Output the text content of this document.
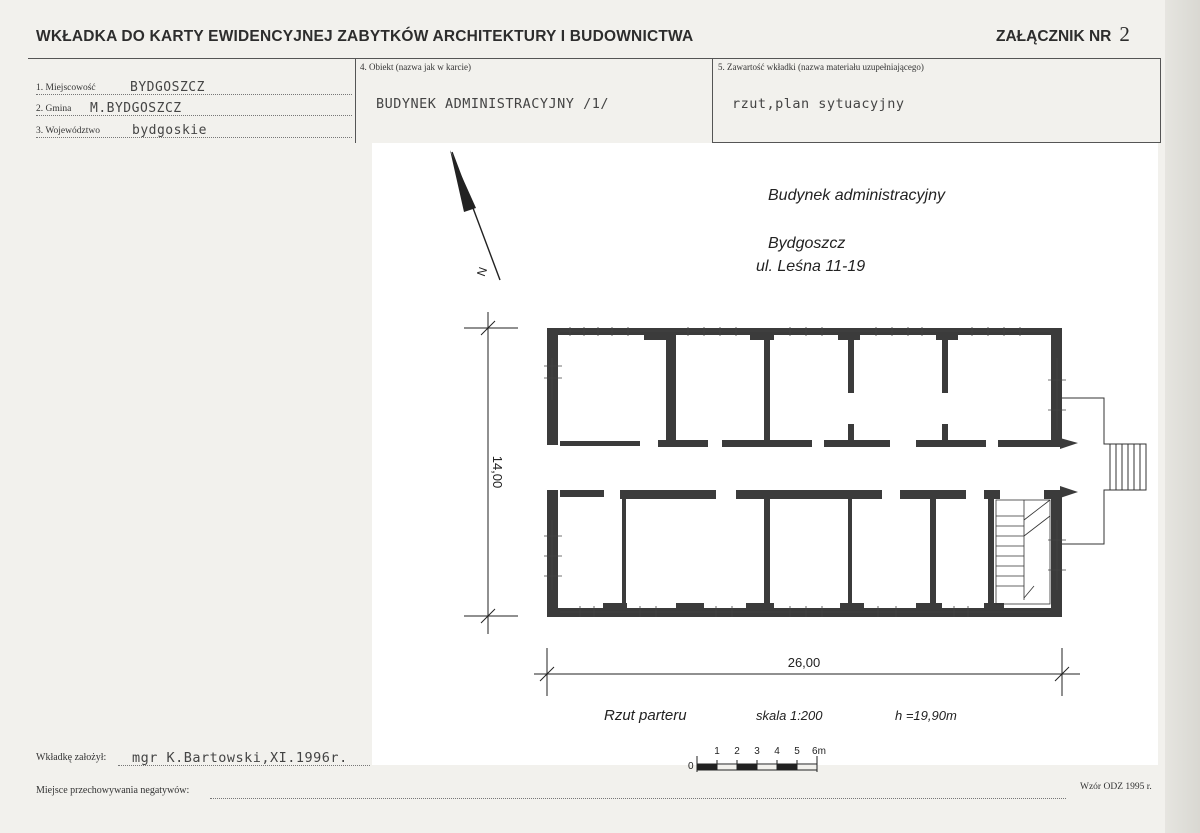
WKŁADKA DO KARTY EWIDENCYJNEJ ZABYTKÓW ARCHITEKTURY I BUDOWNICTWA	ZAŁĄCZNIK NR 2
1. Miejscowość	BYDGOSZCZ
2. Gmina M.BYDGOSZCZ
3. Województwo bydgoskie
4. Obiekt (nazwa jak w karcie)
BUDYNEK ADMINISTRACYJNY /1/
5. Zawartość wkładki (nazwa materiału uzupełniającego)
rzut,plan sytuacyjny
N
Budynek administracyjny
Bydgoszcz
ul. Leśna 11-19
14,00
26,00
Rzut parteru	skala 1:200	h =19,90m
0
1 2 3 4 5 6m
Wkładkę założył: mgr K.Bartowski,XI.1996r.
Miejsce przechowywania negatywów:	Wzór ODZ 1995 r.
